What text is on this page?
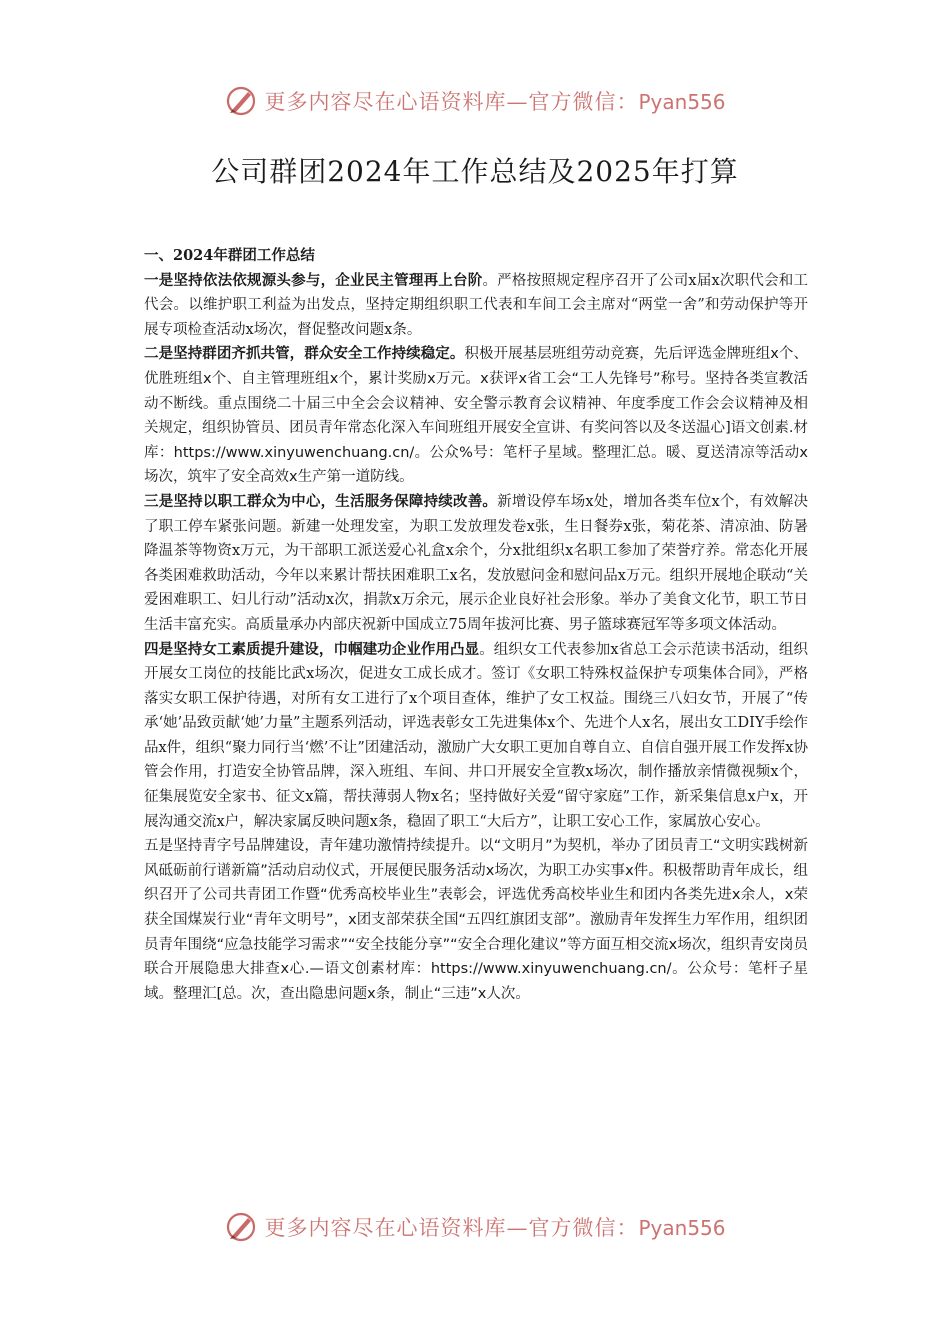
更多内容尽在心语资料库—官方微信：Pyan556
公司群团2024年工作总结及2025年打算

一、2024年群团工作总结

一是坚持依法依规源头参与，企业民主管理再上台阶。严格按照规定程序召开了公司x届x次职代会和工代会。以维护职工利益为出发点，坚持定期组织职工代表和车间工会主席对“两堂一舍”和劳动保护等开展专项检查活动x场次，督促整改问题x条。

二是坚持群团齐抓共管，群众安全工作持续稳定。积极开展基层班组劳动竞赛，先后评选金牌班组x个、优胜班组x个、自主管理班组x个，累计奖励x万元。x获评x省工会“工人先锋号”称号。坚持各类宣教活动不断线。重点围绕二十届三中全会会议精神、安全警示教育会议精神、年度季度工作会会议精神及相关规定，组织协管员、团员青年常态化深入车间班组开展安全宣讲、有奖问答以及冬送温心]语文创素.材库：https://www.xinyuwenchuang.cn/。公众%号：笔杆子星域。整理汇总。暖、夏送清凉等活动x场次，筑牢了安全高效x生产第一道防线。

三是坚持以职工群众为中心，生活服务保障持续改善。新增设停车场x处，增加各类车位x个，有效解决了职工停车紧张问题。新建一处理发室，为职工发放理发卷x张，生日餐券x张，菊花茶、清凉油、防暑降温茶等物资x万元，为干部职工派送爱心礼盒x余个，分x批组织x名职工参加了荣誉疗养。常态化开展各类困难救助活动，今年以来累计帮扶困难职工x名，发放慰问金和慰问品x万元。组织开展地企联动“关爱困难职工、妇儿行动”活动x次，捐款x万余元，展示企业良好社会形象。举办了美食文化节，职工节日生活丰富充实。高质量承办内部庆祝新中国成立75周年拔河比赛、男子篮球赛冠军等多项文体活动。

四是坚持女工素质提升建设，巾帼建功企业作用凸显。组织女工代表参加x省总工会示范读书活动，组织开展女工岗位的技能比武x场次，促进女工成长成才。签订《女职工特殊权益保护专项集体合同》，严格落实女职工保护待遇，对所有女工进行了x个项目查体，维护了女工权益。围绕三八妇女节，开展了“传承‘她’品致贡献‘她’力量”主题系列活动，评选表彰女工先进集体x个、先进个人x名，展出女工DIY手绘作品x件，组织“聚力同行当‘燃’不让”团建活动，激励广大女职工更加自尊自立、自信自强开展工作发挥x协管会作用，打造安全协管品牌，深入班组、车间、井口开展安全宣教x场次，制作播放亲情微视频x个，征集展览安全家书、征文x篇，帮扶薄弱人物x名；坚持做好关爱“留守家庭”工作，新采集信息x户x，开展沟通交流x户，解决家属反映问题x条，稳固了职工“大后方”，让职工安心工作，家属放心安心。

五是坚持青字号品牌建设，青年建功激情持续提升。以“文明月”为契机，举办了团员青工“文明实践树新风砥砺前行谱新篇”活动启动仪式，开展便民服务活动x场次，为职工办实事x件。积极帮助青年成长，组织召开了公司共青团工作暨“优秀高校毕业生”表彰会，评选优秀高校毕业生和团内各类先进x余人，x荣获全国煤炭行业“青年文明号”，x团支部荣获全国“五四红旗团支部”。激励青年发挥生力军作用，组织团员青年围绕“应急技能学习需求”“安全技能分享”“安全合理化建议”等方面互相交流x场次，组织青安岗员联合开展隐患大排查x心.—语文创素材库：https://www.xinyuwenchuang.cn/。公众号：笔杆子星域。整理汇[总。次，查出隐患问题x条，制止“三违”x人次。

更多内容尽在心语资料库—官方微信：Pyan556
